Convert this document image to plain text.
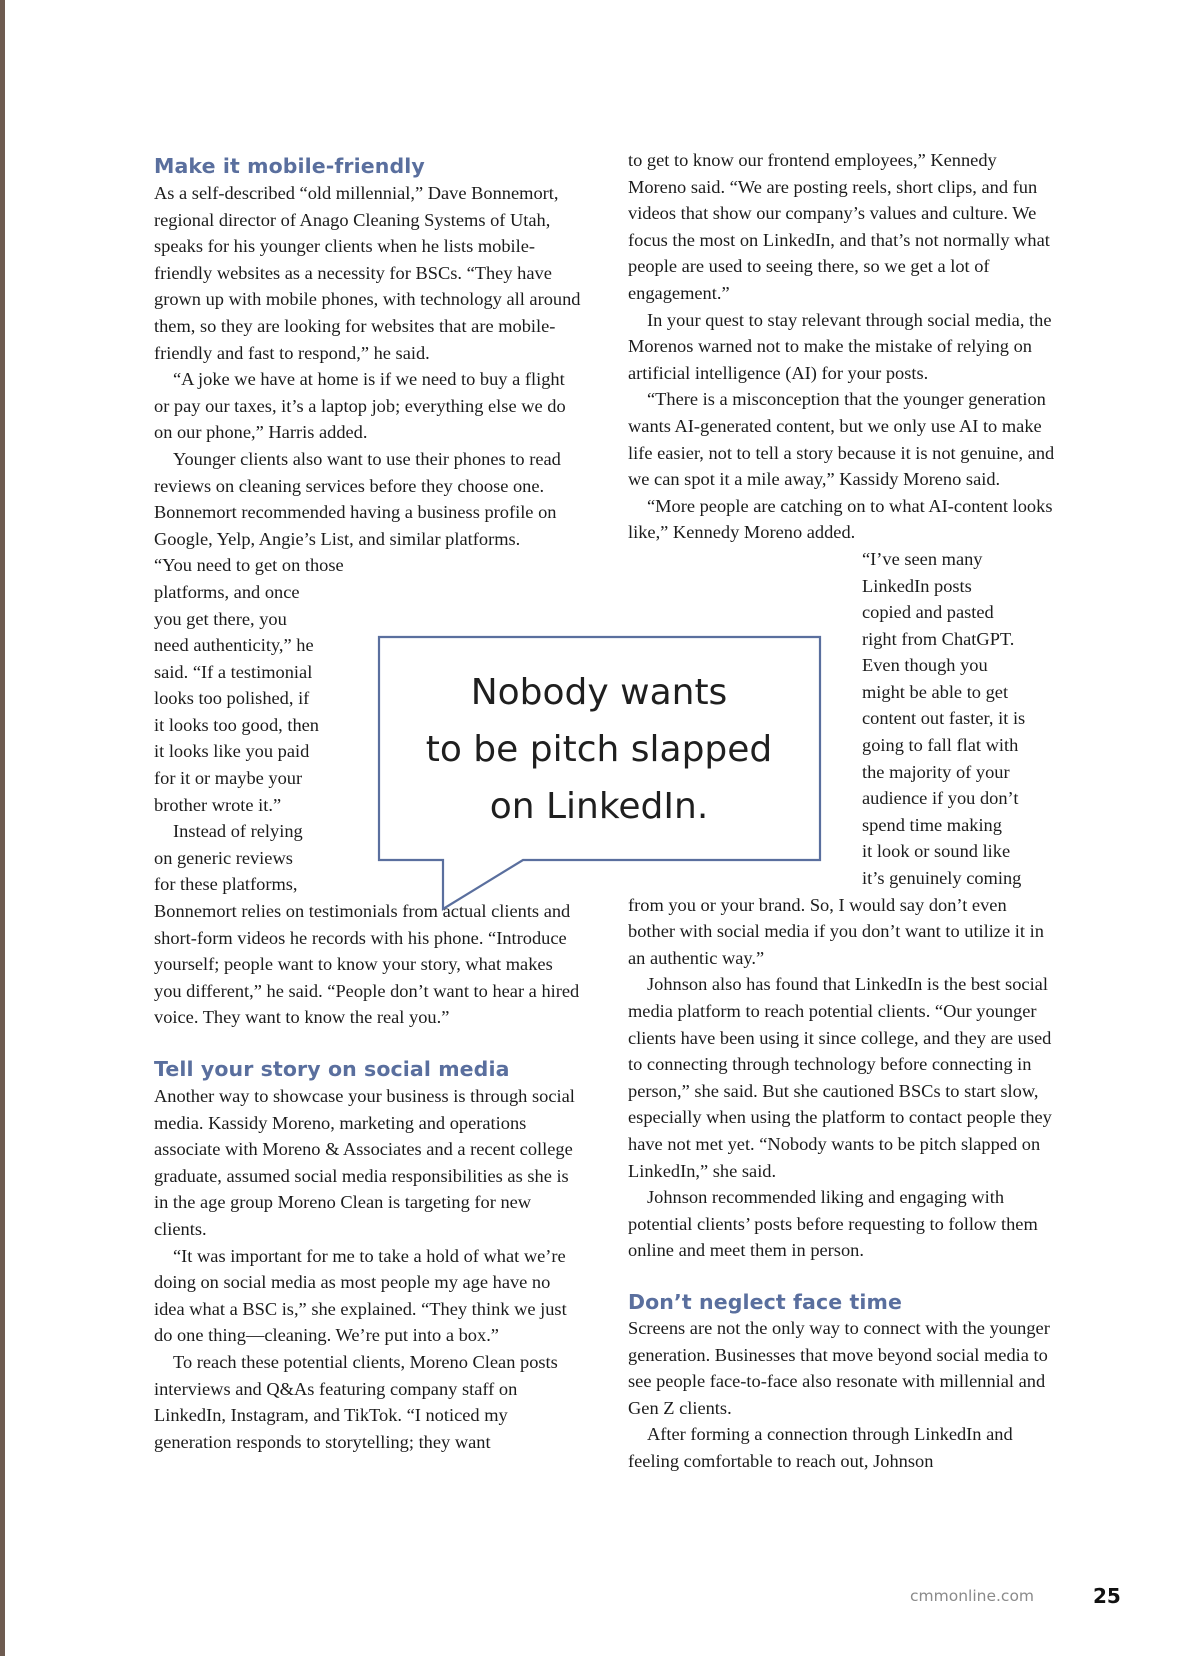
Make it mobile-friendly

As a self-described “old millennial,” Dave Bonnemort, regional director of Anago Cleaning Systems of Utah, speaks for his younger clients when he lists mobile-friendly websites as a necessity for BSCs. “They have grown up with mobile phones, with technology all around them, so they are looking for websites that are mobile-friendly and fast to respond,” he said.

“A joke we have at home is if we need to buy a flight or pay our taxes, it’s a laptop job; everything else we do on our phone,” Harris added.

Younger clients also want to use their phones to read reviews on cleaning services before they choose one. Bonnemort recommended having a business profile on Google, Yelp, Angie’s List, and similar platforms.

“You need to get on those
platforms, and once
you get there, you
need authenticity,” he
said. “If a testimonial
looks too polished, if
it looks too good, then
it looks like you paid
for it or maybe your
brother wrote it.”

Instead of relying
on generic reviews
for these platforms,

Bonnemort relies on testimonials from actual clients and short-form videos he records with his phone. “Introduce yourself; people want to know your story, what makes you different,” he said. “People don’t want to hear a hired voice. They want to know the real you.”

Tell your story on social media

Another way to showcase your business is through social media. Kassidy Moreno, marketing and operations associate with Moreno & Associates and a recent college graduate, assumed social media responsibilities as she is in the age group Moreno Clean is targeting for new clients.

“It was important for me to take a hold of what we’re doing on social media as most people my age have no idea what a BSC is,” she explained. “They think we just do one thing—cleaning. We’re put into a box.”

To reach these potential clients, Moreno Clean posts interviews and Q&As featuring company staff on LinkedIn, Instagram, and TikTok. “I noticed my generation responds to storytelling; they want

to get to know our frontend employees,” Kennedy Moreno said. “We are posting reels, short clips, and fun videos that show our company’s values and culture. We focus the most on LinkedIn, and that’s not normally what people are used to seeing there, so we get a lot of engagement.”

In your quest to stay relevant through social media, the Morenos warned not to make the mistake of relying on artificial intelligence (AI) for your posts.

“There is a misconception that the younger generation wants AI-generated content, but we only use AI to make life easier, not to tell a story because it is not genuine, and we can spot it a mile away,” Kassidy Moreno said.

“More people are catching on to what AI-content looks like,” Kennedy Moreno added.

“I’ve seen many
LinkedIn posts
copied and pasted
right from ChatGPT.
Even though you
might be able to get
content out faster, it is
going to fall flat with
the majority of your
audience if you don’t
spend time making
it look or sound like
it’s genuinely coming

from you or your brand. So, I would say don’t even bother with social media if you don’t want to utilize it in an authentic way.”

Johnson also has found that LinkedIn is the best social media platform to reach potential clients. “Our younger clients have been using it since college, and they are used to connecting through technology before connecting in person,” she said. But she cautioned BSCs to start slow, especially when using the platform to contact people they have not met yet. “Nobody wants to be pitch slapped on LinkedIn,” she said.

Johnson recommended liking and engaging with potential clients’ posts before requesting to follow them online and meet them in person.

Don’t neglect face time

Screens are not the only way to connect with the younger generation. Businesses that move beyond social media to see people face-to-face also resonate with millennial and Gen Z clients.

After forming a connection through LinkedIn and feeling comfortable to reach out, Johnson

Nobody wants
to be pitch slapped
on LinkedIn.
cmmonline.com	25
